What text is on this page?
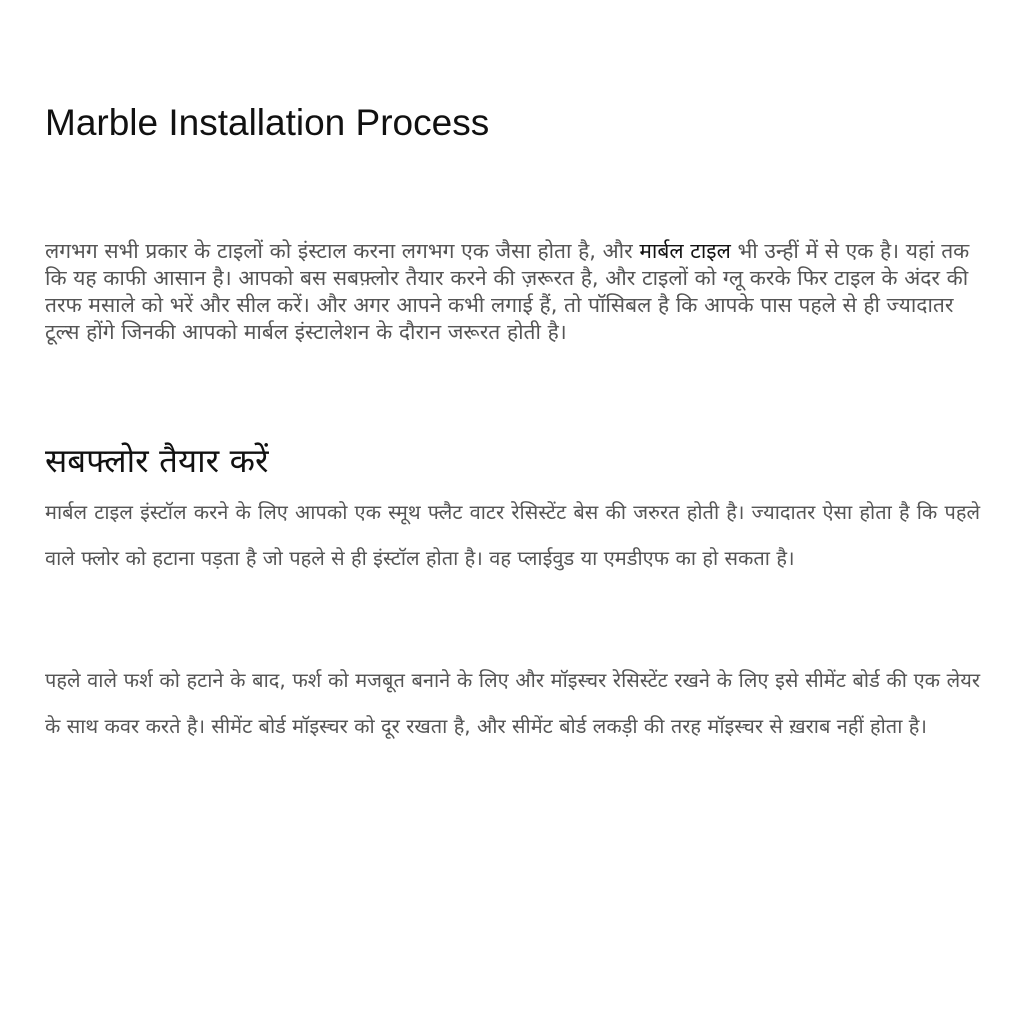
Marble Installation Process

लगभग सभी प्रकार के टाइलों को इंस्टाल करना लगभग एक जैसा होता है, और मार्बल टाइल भी उन्हीं में से एक है। यहां तक कि यह काफी आसान है। आपको बस सबफ़्लोर तैयार करने की ज़रूरत है, और टाइलों को ग्लू करके फिर टाइल के अंदर की तरफ मसाले को भरें और सील करें। और अगर आपने कभी लगाई हैं, तो पॉसिबल है कि आपके पास पहले से ही ज्यादातर टूल्स होंगे जिनकी आपको मार्बल इंस्टालेशन के दौरान जरूरत होती है।

सबफ्लोर तैयार करें

मार्बल टाइल इंस्टॉल करने के लिए आपको एक स्मूथ फ्लैट वाटर रेसिस्टेंट बेस की जरुरत होती है। ज्यादातर ऐसा होता है कि पहले वाले फ्लोर को हटाना पड़ता है जो पहले से ही इंस्टॉल होता है। वह प्लाईवुड या एमडीएफ का हो सकता है।

पहले वाले फर्श को हटाने के बाद, फर्श को मजबूत बनाने के लिए और मॉइस्चर रेसिस्टेंट रखने के लिए इसे सीमेंट बोर्ड की एक लेयर के साथ कवर करते है। सीमेंट बोर्ड मॉइस्चर को दूर रखता है, और सीमेंट बोर्ड लकड़ी की तरह मॉइस्चर से ख़राब नहीं होता है।
